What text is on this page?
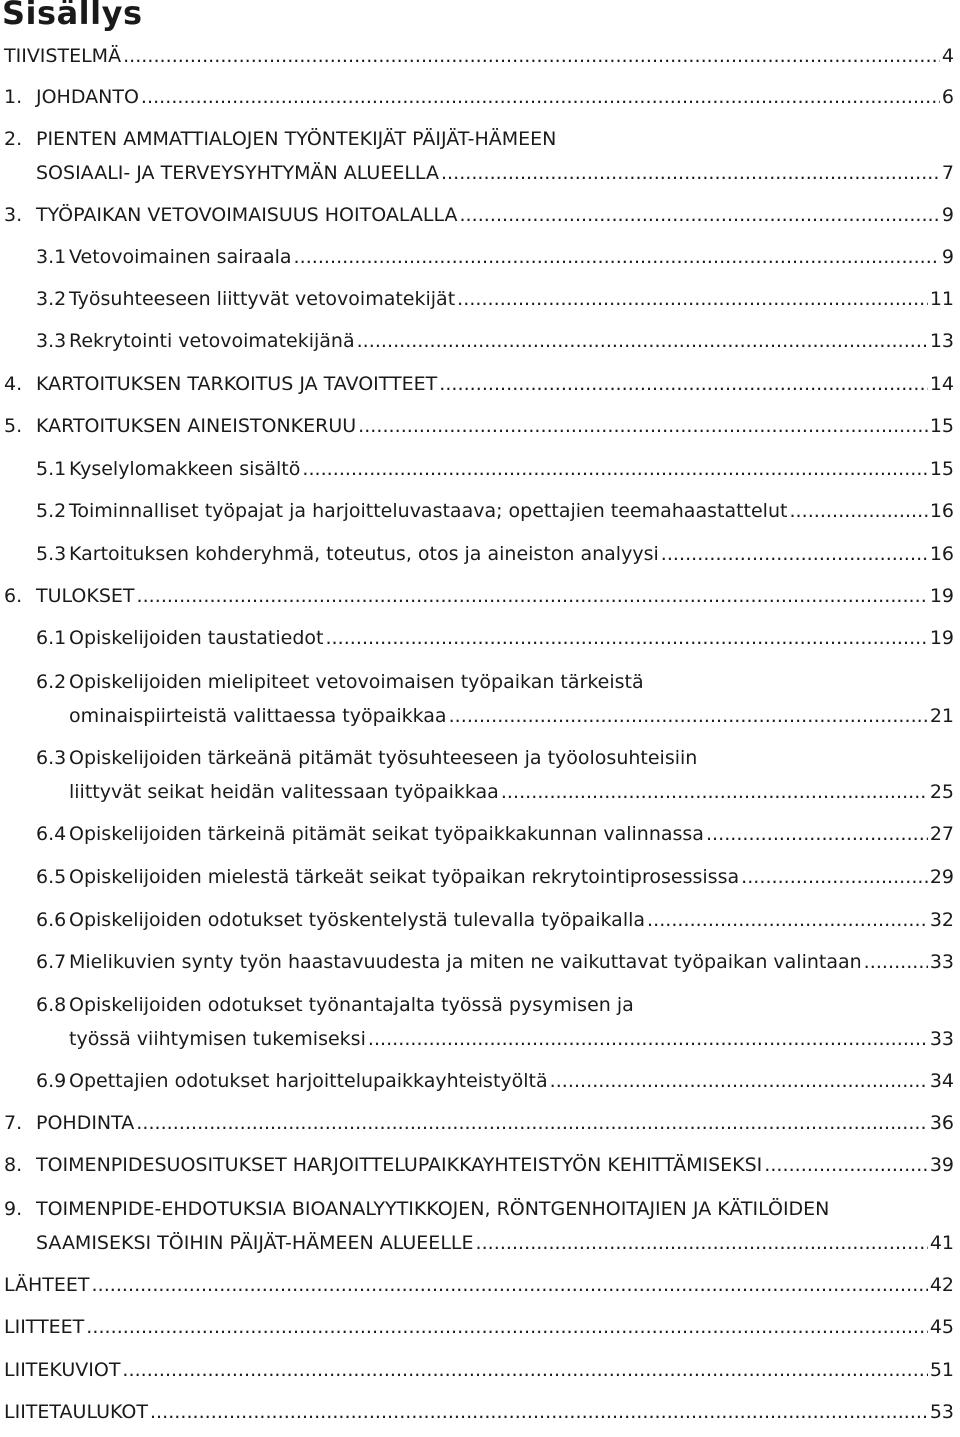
Sisällys
TIIVISTELMÄ . . .	4
1. JOHDANTO . . .	6
2. PIENTEN AMMATTIALOJEN TYÖNTEKIJÄT PÄIJÄT-HÄMEEN
SOSIAALI- JA TERVEYSYHTYMÄN ALUEELLA . . .	7
3. TYÖPAIKAN VETOVOIMAISUUS HOITOALALLA . . .	9
3.1 Vetovoimainen sairaala . . .	9
3.2 Työsuhteeseen liittyvät vetovoimatekijät . . .	11
3.3 Rekrytointi vetovoimatekijänä . . .	13
4. KARTOITUKSEN TARKOITUS JA TAVOITTEET . . .	14
5. KARTOITUKSEN AINEISTONKERUU . . .	15
5.1 Kyselylomakkeen sisältö . . .	15
5.2 Toiminnalliset työpajat ja harjoitteluvastaava; opettajien teemahaastattelut . . .	16
5.3 Kartoituksen kohderyhmä, toteutus, otos ja aineiston analyysi . . .	16
6. TULOKSET . . .	19
6.1 Opiskelijoiden taustatiedot . . .	19
6.2 Opiskelijoiden mielipiteet vetovoimaisen työpaikan tärkeistä
ominaispiirteistä valittaessa työpaikkaa . . .	21
6.3 Opiskelijoiden tärkeänä pitämät työsuhteeseen ja työolosuhteisiin
liittyvät seikat heidän valitessaan työpaikkaa . . .	25
6.4 Opiskelijoiden tärkeinä pitämät seikat työpaikkakunnan valinnassa . . .	27
6.5 Opiskelijoiden mielestä tärkeät seikat työpaikan rekrytointiprosessissa . . .	29
6.6 Opiskelijoiden odotukset työskentelystä tulevalla työpaikalla . . .	32
6.7 Mielikuvien synty työn haastavuudesta ja miten ne vaikuttavat työpaikan valintaan . . .	33
6.8 Opiskelijoiden odotukset työnantajalta työssä pysymisen ja
työssä viihtymisen tukemiseksi . . .	33
6.9 Opettajien odotukset harjoittelupaikkayhteistyöltä . . .	34
7. POHDINTA . . .	36
8. TOIMENPIDESUOSITUKSET HARJOITTELUPAIKKAYHTEISTYÖN KEHITTÄMISEKSI . . .	39
9. TOIMENPIDE-EHDOTUKSIA BIOANALYYTIKKOJEN, RÖNTGENHOITAJIEN JA KÄTILÖIDEN
SAAMISEKSI TÖIHIN PÄIJÄT-HÄMEEN ALUEELLE . . .	41
LÄHTEET . . .	42
LIITTEET . . .	45
LIITEKUVIOT . . .	51
LIITETAULUKOT . . .	53
